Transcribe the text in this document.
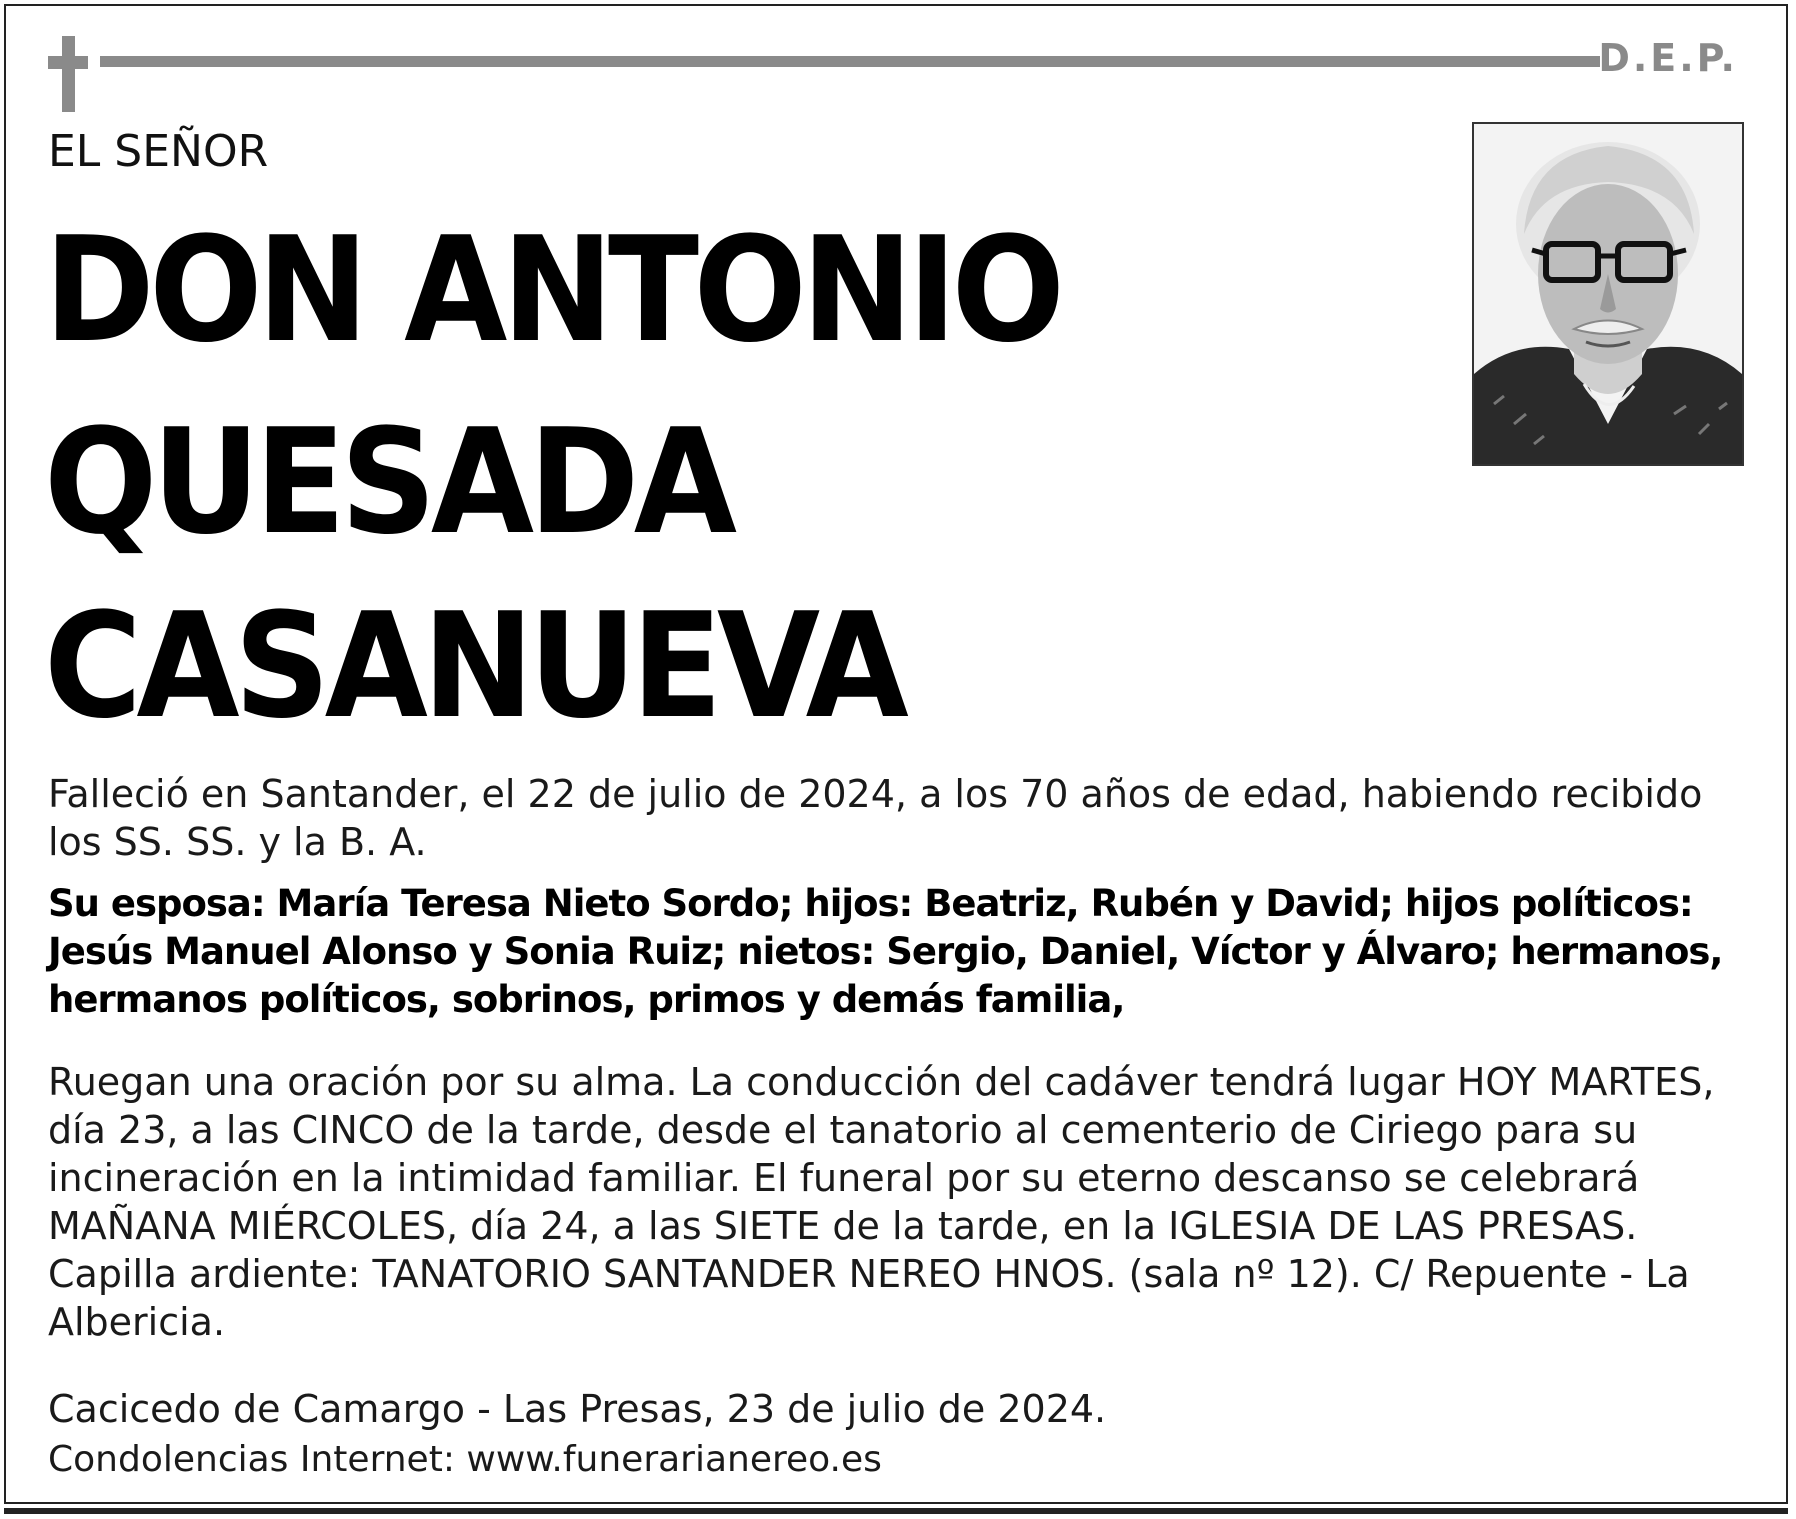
D.E.P.
EL SEÑOR
DON ANTONIO
QUESADA
CASANUEVA

Falleció en Santander, el 22 de julio de 2024, a los 70 años de edad, habiendo recibido los SS. SS. y la B. A.

Su esposa: María Teresa Nieto Sordo; hijos: Beatriz, Rubén y David; hijos políticos: Jesús Manuel Alonso y Sonia Ruiz; nietos: Sergio, Daniel, Víctor y Álvaro; hermanos, hermanos políticos, sobrinos, primos y demás familia,

Ruegan una oración por su alma. La conducción del cadáver tendrá lugar HOY MARTES, día 23, a las CINCO de la tarde, desde el tanatorio al cementerio de Ciriego para su incineración en la intimidad familiar. El funeral por su eterno descanso se celebrará MAÑANA MIÉRCOLES, día 24, a las SIETE de la tarde, en la IGLESIA DE LAS PRESAS. Capilla ardiente: TANATORIO SANTANDER NEREO HNOS. (sala nº 12). C/ Repuente - La Albericia.

Cacicedo de Camargo - Las Presas, 23 de julio de 2024.

Condolencias Internet: www.funerarianereo.es
